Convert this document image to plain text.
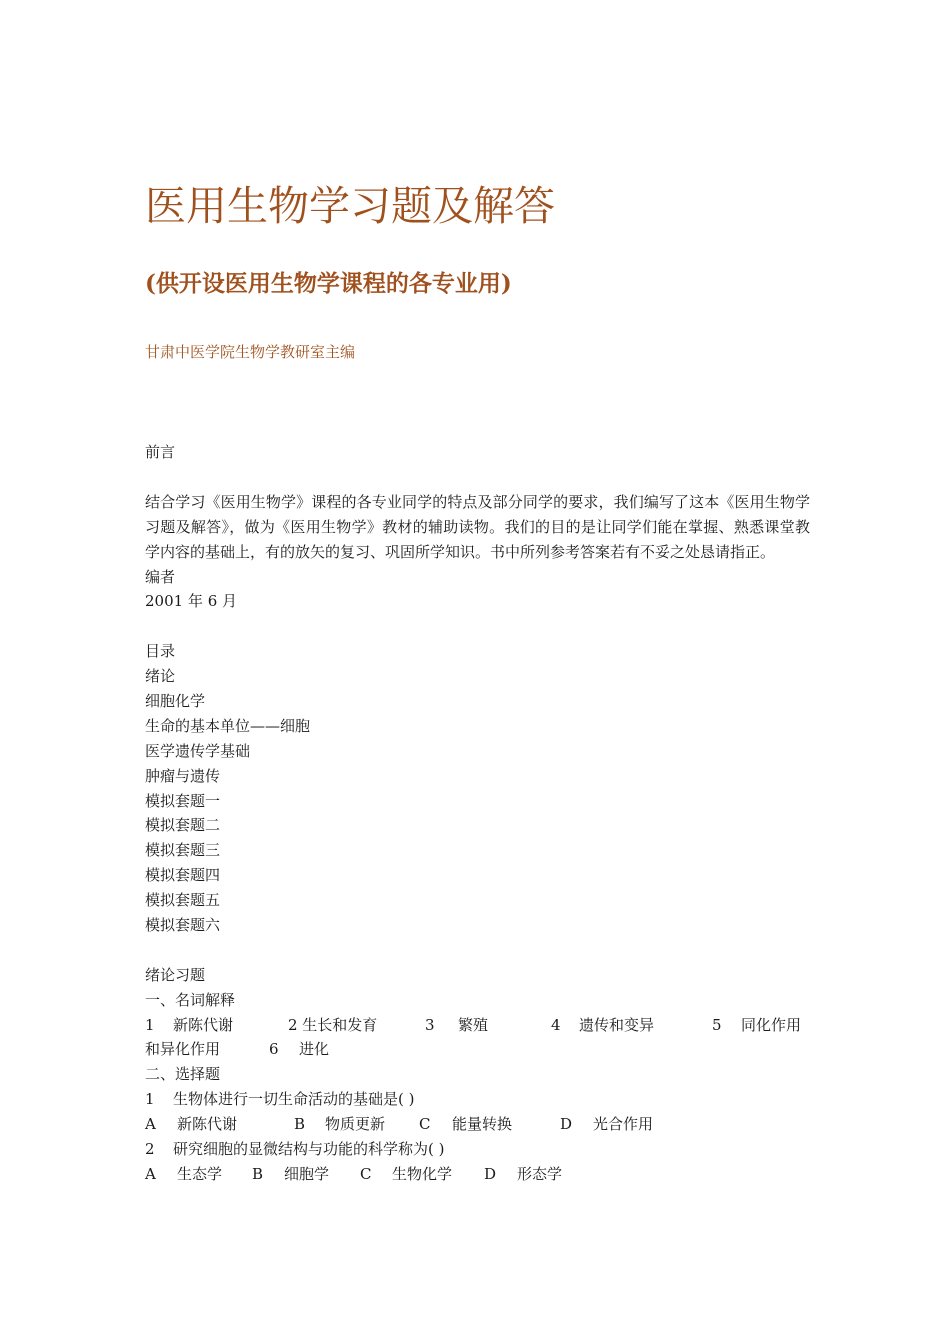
医用生物学习题及解答
(供开设医用生物学课程的各专业用)
甘肃中医学院生物学教研室主编
前言

结合学习《医用生物学》课程的各专业同学的特点及部分同学的要求，我们编写了这本《医用生物学习题及解答》，做为《医用生物学》教材的辅助读物。我们的目的是让同学们能在掌握、熟悉课堂教学内容的基础上，有的放矢的复习、巩固所学知识。书中所列参考答案若有不妥之处恳请指正。

编者
2001 年 6 月
目录
绪论
细胞化学
生命的基本单位——细胞
医学遗传学基础
肿瘤与遗传
模拟套题一
模拟套题二
模拟套题三
模拟套题四
模拟套题五
模拟套题六
绪论习题
一、名词解释
1	新陈代谢	2 生长和发育	3	繁殖	4	遗传和变异	5	同化作用
和异化作用	6	进化
二、选择题
1	生物体进行一切生命活动的基础是( )
A	新陈代谢	B	物质更新	C	能量转换	D	光合作用
2	研究细胞的显微结构与功能的科学称为( )
A	生态学	B	细胞学	C	生物化学	D	形态学
